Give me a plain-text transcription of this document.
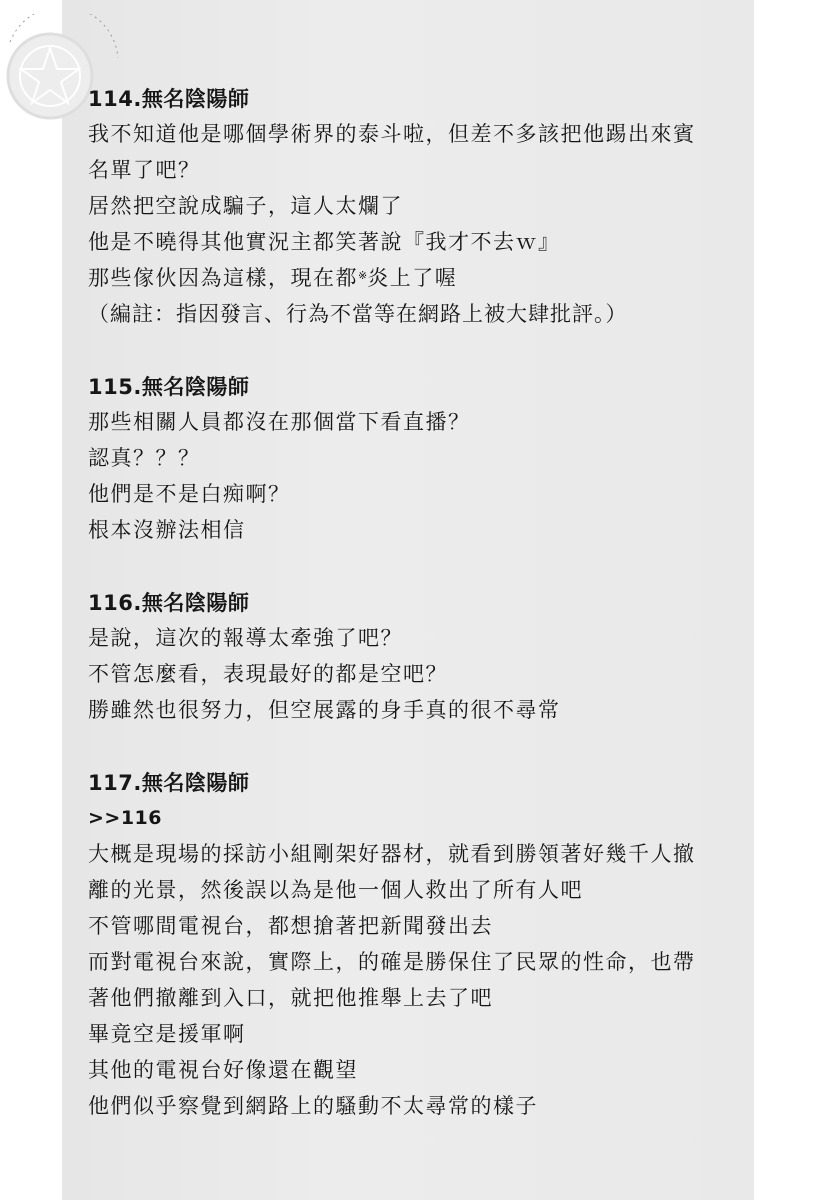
114.無名陰陽師
我不知道他是哪個學術界的泰斗啦，但差不多該把他踢出來賓
名單了吧？
居然把空說成騙子，這人太爛了
他是不曉得其他實況主都笑著說『我才不去ｗ』
那些傢伙因為這樣，現在都※炎上了喔
（編註：指因發言、行為不當等在網路上被大肆批評。）
115.無名陰陽師
那些相關人員都沒在那個當下看直播？
認真？？？
他們是不是白痴啊？
根本沒辦法相信
116.無名陰陽師
是說，這次的報導太牽強了吧？
不管怎麼看，表現最好的都是空吧？
勝雖然也很努力，但空展露的身手真的很不尋常
117.無名陰陽師
>>116
大概是現場的採訪小組剛架好器材，就看到勝領著好幾千人撤
離的光景，然後誤以為是他一個人救出了所有人吧
不管哪間電視台，都想搶著把新聞發出去
而對電視台來說，實際上，的確是勝保住了民眾的性命，也帶
著他們撤離到入口，就把他推舉上去了吧
畢竟空是援軍啊
其他的電視台好像還在觀望
他們似乎察覺到網路上的騷動不太尋常的樣子
